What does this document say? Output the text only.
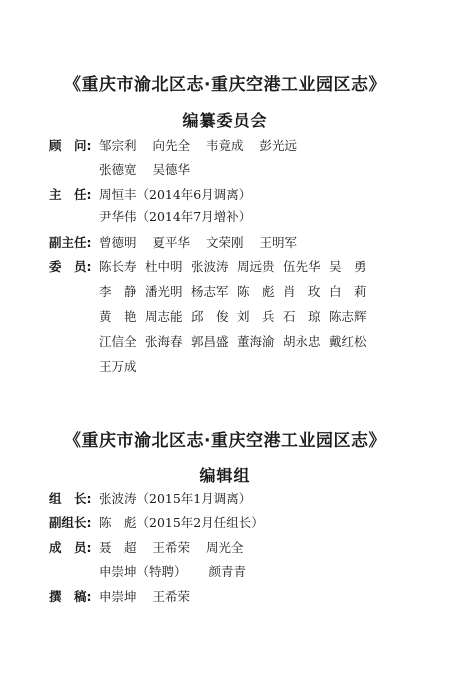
《重庆市渝北区志·重庆空港工业园区志》
编纂委员会
顾　问: 邹宗利 向先全 韦竟成 彭光远
张德宽 吴德华
主　任: 周恒丰（2014年6月调离）
尹华伟（2014年7月增补）
副主任: 曾德明 夏平华 文荣刚 王明军
委　员: 陈长寿 杜中明 张波涛 周远贵 伍先华 吴　勇
李　静 潘光明 杨志军 陈　彪 肖　玫 白　莉
黄　艳 周志能 邱　俊 刘　兵 石　琼 陈志辉
江信全 张海春 郭昌盛 董海渝 胡永忠 戴红松
王万成
《重庆市渝北区志·重庆空港工业园区志》
编辑组
组　长: 张波涛（2015年1月调离）
副组长: 陈　彪（2015年2月任组长）
成　员: 聂　超 王希荣 周光全
申崇坤（特聘） 颜青青
撰　稿: 申崇坤 王希荣
